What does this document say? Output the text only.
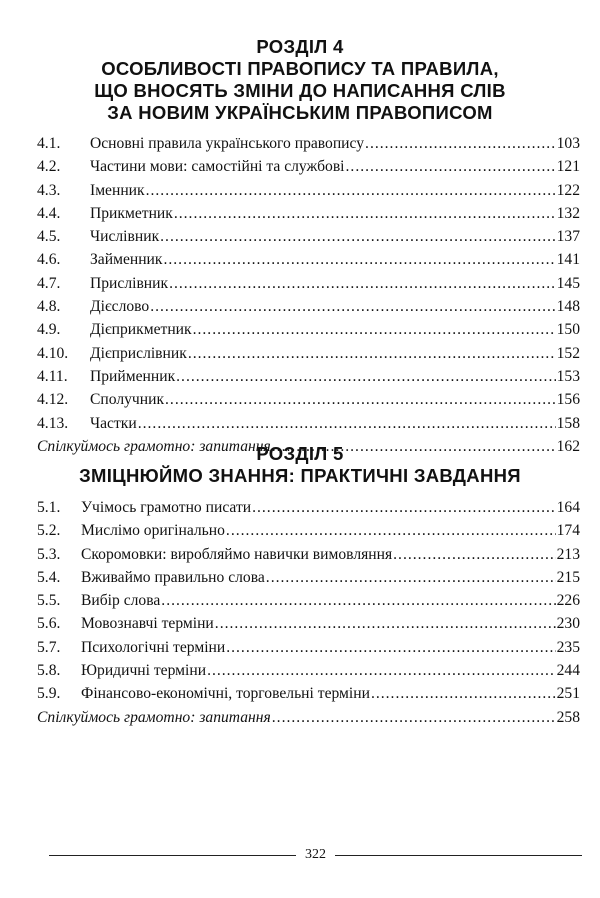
РОЗДІЛ 4
ОСОБЛИВОСТІ ПРАВОПИСУ ТА ПРАВИЛА,
ЩО ВНОСЯТЬ ЗМІНИ ДО НАПИСАННЯ СЛІВ
ЗА НОВИМ УКРАЇНСЬКИМ ПРАВОПИСОМ
4.1.	Основні правила українського правопису .....	103
4.2.	Частини мови: самостійні та службові .....	121
4.3.	Іменник .....	122
4.4.	Прикметник .....	132
4.5.	Числівник .....	137
4.6.	Займенник .....	141
4.7.	Прислівник .....	145
4.8.	Дієслово .....	148
4.9.	Дієприкметник .....	150
4.10.	Дієприслівник .....	152
4.11.	Прийменник .....	153
4.12.	Сполучник .....	156
4.13.	Частки .....	158
Спілкуймось грамотно: запитання .....	162
РОЗДІЛ 5
ЗМІЦНЮЙМО ЗНАННЯ: ПРАКТИЧНІ ЗАВДАННЯ
5.1.	Учімось грамотно писати .....	164
5.2.	Мислімо оригінально .....	174
5.3.	Скоромовки: виробляймо навички вимовляння .....	213
5.4.	Вживаймо правильно слова .....	215
5.5.	Вибір слова .....	226
5.6.	Мовознавчі терміни .....	230
5.7.	Психологічні терміни .....	235
5.8.	Юридичні терміни .....	244
5.9.	Фінансово-економічні, торговельні терміни .....	251
Спілкуймось грамотно: запитання .....	258
322
